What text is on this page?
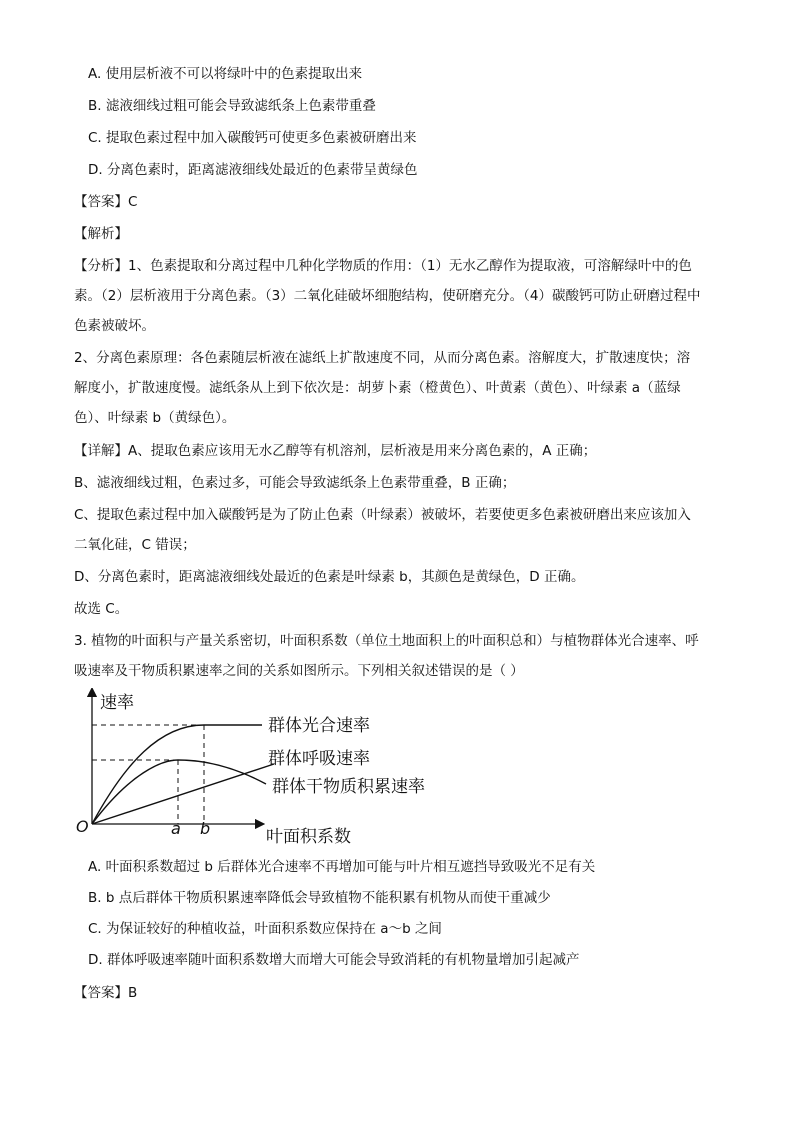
A. 使用层析液不可以将绿叶中的色素提取出来
B. 滤液细线过粗可能会导致滤纸条上色素带重叠
C. 提取色素过程中加入碳酸钙可使更多色素被研磨出来
D. 分离色素时，距离滤液细线处最近的色素带呈黄绿色
【答案】C
【解析】
【分析】1、色素提取和分离过程中几种化学物质的作用：（1）无水乙醇作为提取液，可溶解绿叶中的色
素。（2）层析液用于分离色素。（3）二氧化硅破坏细胞结构，使研磨充分。（4）碳酸钙可防止研磨过程中
色素被破坏。
2、分离色素原理：各色素随层析液在滤纸上扩散速度不同，从而分离色素。溶解度大，扩散速度快；溶
解度小，扩散速度慢。滤纸条从上到下依次是：胡萝卜素（橙黄色）、叶黄素（黄色）、叶绿素 a（蓝绿
色）、叶绿素 b（黄绿色）。
【详解】A、提取色素应该用无水乙醇等有机溶剂，层析液是用来分离色素的，A 正确；
B、滤液细线过粗，色素过多，可能会导致滤纸条上色素带重叠，B 正确；
C、提取色素过程中加入碳酸钙是为了防止色素（叶绿素）被破坏，若要使更多色素被研磨出来应该加入
二氧化硅，C 错误；
D、分离色素时，距离滤液细线处最近的色素是叶绿素 b，其颜色是黄绿色，D 正确。
故选 C。
3. 植物的叶面积与产量关系密切，叶面积系数（单位土地面积上的叶面积总和）与植物群体光合速率、呼
吸速率及干物质积累速率之间的关系如图所示。下列相关叙述错误的是（ ）
速率
叶面积系数
O	a b
群体光合速率
群体呼吸速率
群体干物质积累速率
A. 叶面积系数超过 b 后群体光合速率不再增加可能与叶片相互遮挡导致吸光不足有关
B. b 点后群体干物质积累速率降低会导致植物不能积累有机物从而使干重减少
C. 为保证较好的种植收益，叶面积系数应保持在 a～b 之间
D. 群体呼吸速率随叶面积系数增大而增大可能会导致消耗的有机物量增加引起减产
【答案】B
